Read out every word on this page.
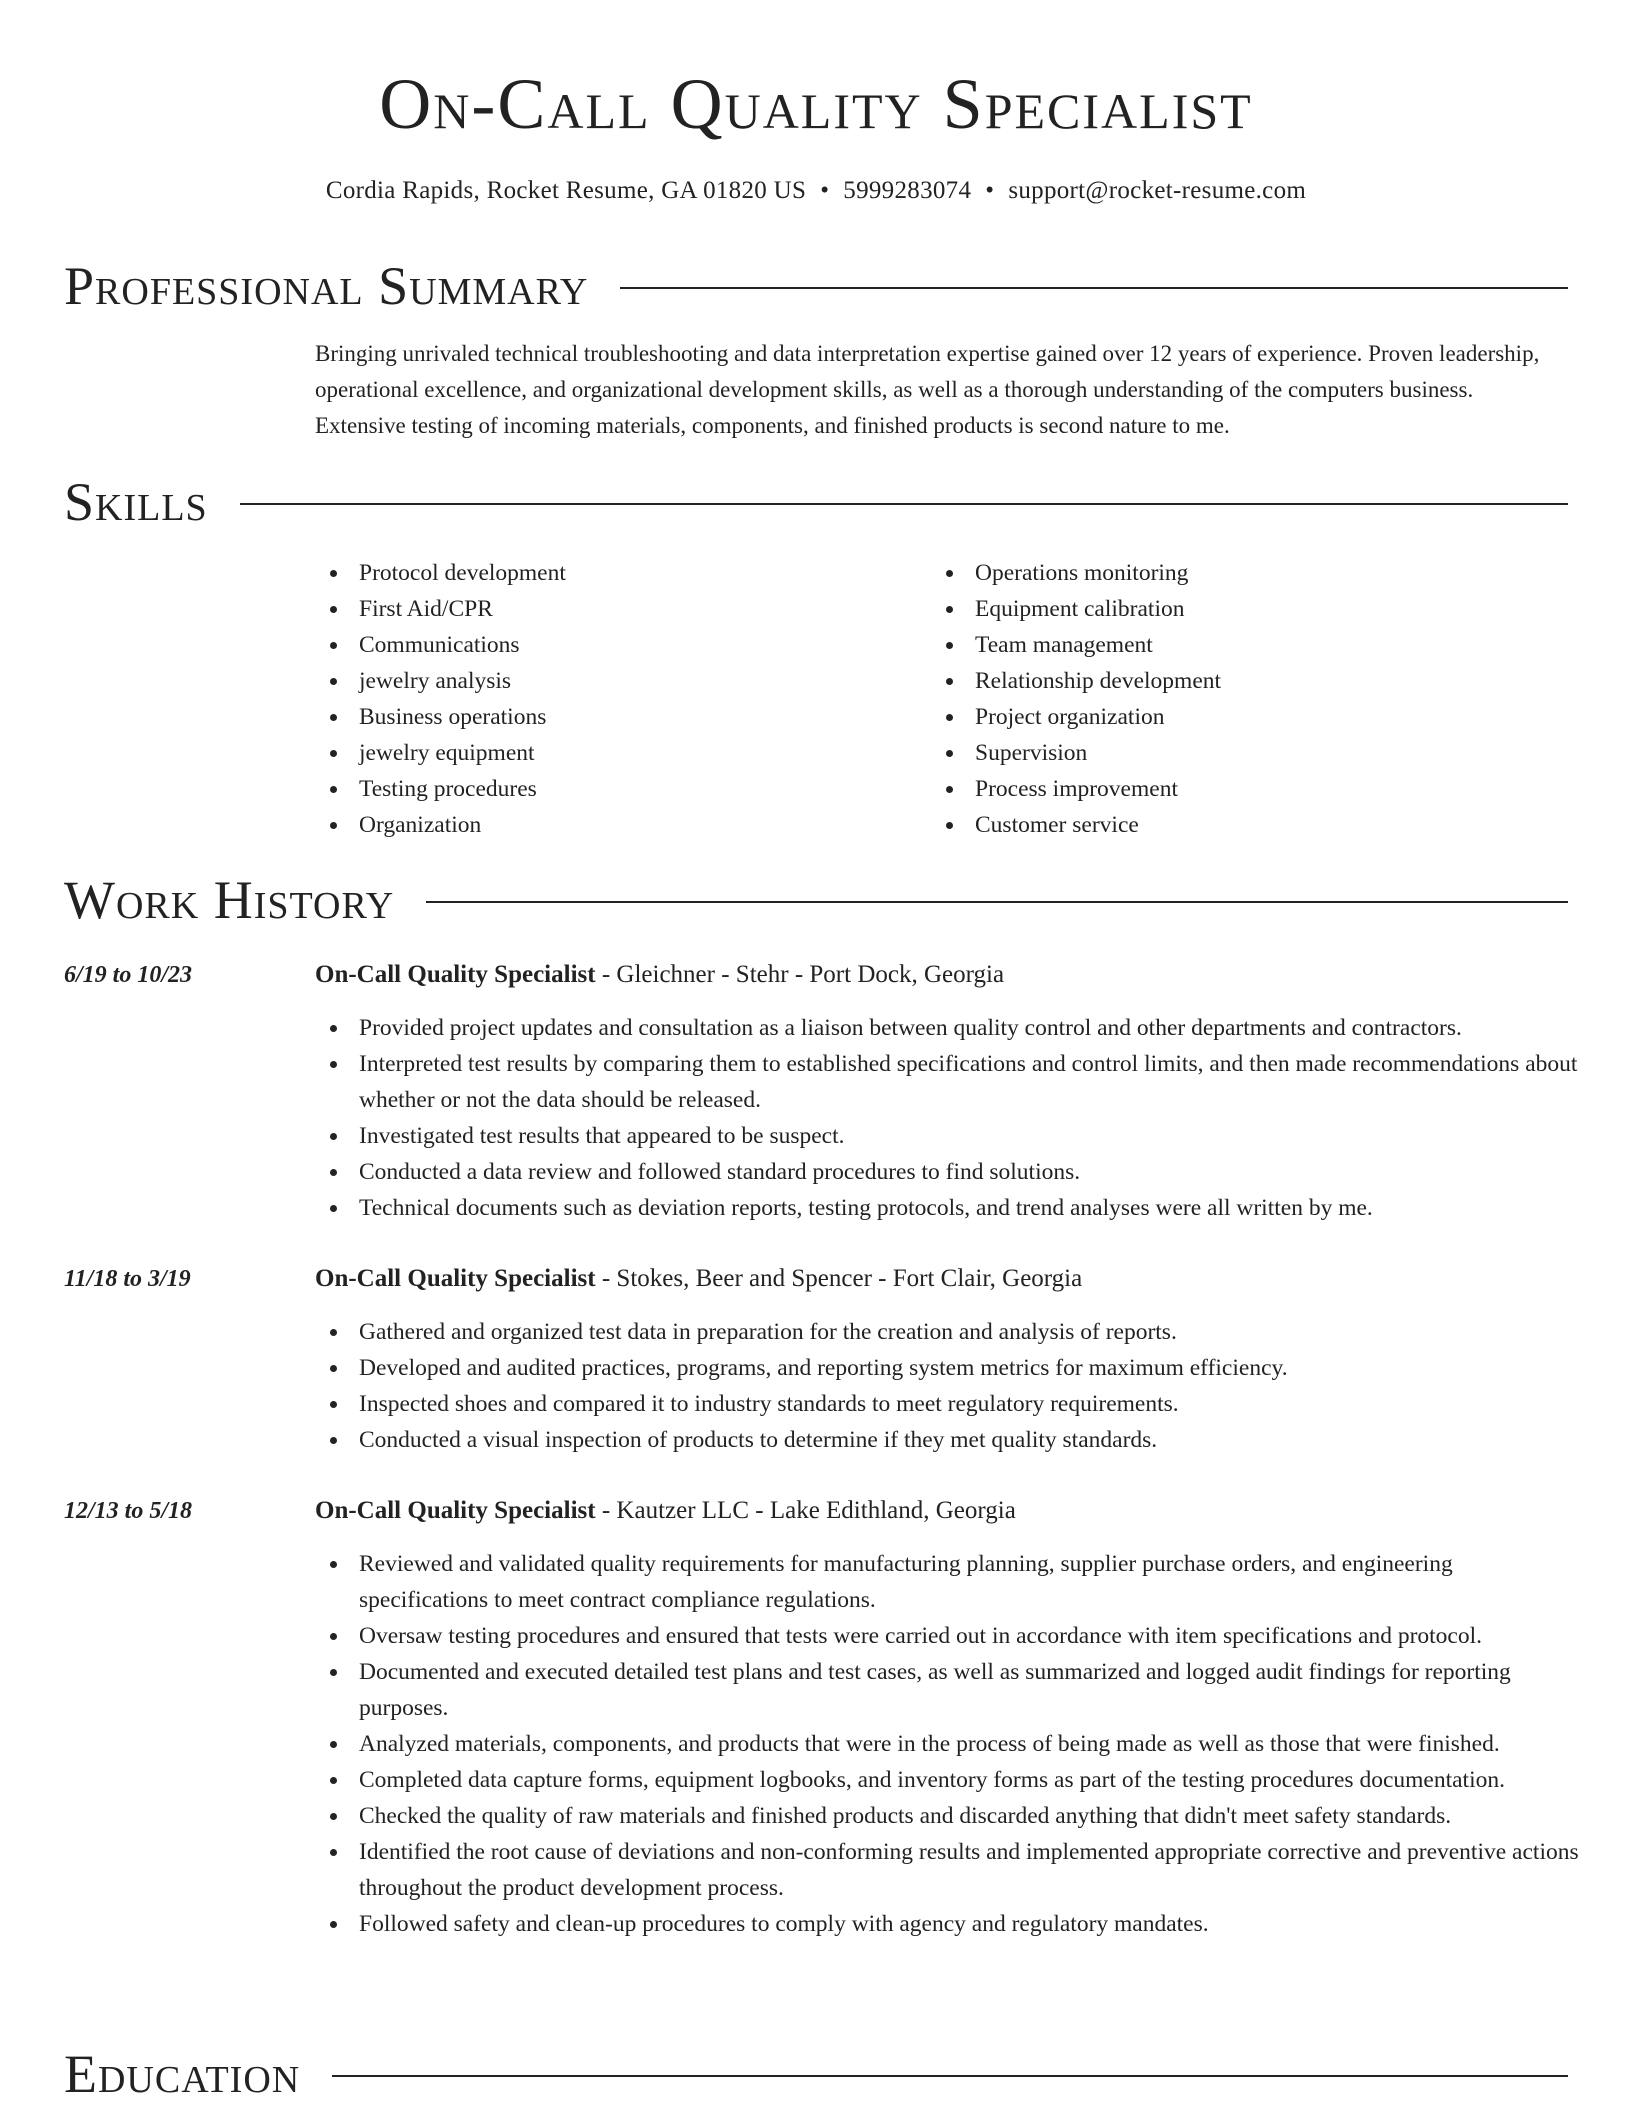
On-Call Quality Specialist
Cordia Rapids, Rocket Resume, GA 01820 US • 5999283074 • support@rocket-resume.com
Professional Summary

Bringing unrivaled technical troubleshooting and data interpretation expertise gained over 12 years of experience. Proven leadership, operational excellence, and organizational development skills, as well as a thorough understanding of the computers business. Extensive testing of incoming materials, components, and finished products is second nature to me.

Skills
Protocol development
First Aid/CPR
Communications
jewelry analysis
Business operations
jewelry equipment
Testing procedures
Organization
Operations monitoring
Equipment calibration
Team management
Relationship development
Project organization
Supervision
Process improvement
Customer service
Work History
6/19 to 10/23	On-Call Quality Specialist - Gleichner - Stehr - Port Dock, Georgia
Provided project updates and consultation as a liaison between quality control and other departments and contractors.
Interpreted test results by comparing them to established specifications and control limits, and then made recommendations about whether or not the data should be released.
Investigated test results that appeared to be suspect.
Conducted a data review and followed standard procedures to find solutions.
Technical documents such as deviation reports, testing protocols, and trend analyses were all written by me.
11/18 to 3/19	On-Call Quality Specialist - Stokes, Beer and Spencer - Fort Clair, Georgia
Gathered and organized test data in preparation for the creation and analysis of reports.
Developed and audited practices, programs, and reporting system metrics for maximum efficiency.
Inspected shoes and compared it to industry standards to meet regulatory requirements.
Conducted a visual inspection of products to determine if they met quality standards.
12/13 to 5/18	On-Call Quality Specialist - Kautzer LLC - Lake Edithland, Georgia
Reviewed and validated quality requirements for manufacturing planning, supplier purchase orders, and engineering specifications to meet contract compliance regulations.
Oversaw testing procedures and ensured that tests were carried out in accordance with item specifications and protocol.
Documented and executed detailed test plans and test cases, as well as summarized and logged audit findings for reporting purposes.
Analyzed materials, components, and products that were in the process of being made as well as those that were finished.
Completed data capture forms, equipment logbooks, and inventory forms as part of the testing procedures documentation.
Checked the quality of raw materials and finished products and discarded anything that didn't meet safety standards.
Identified the root cause of deviations and non-conforming results and implemented appropriate corrective and preventive actions throughout the product development process.
Followed safety and clean-up procedures to comply with agency and regulatory mandates.
Education
